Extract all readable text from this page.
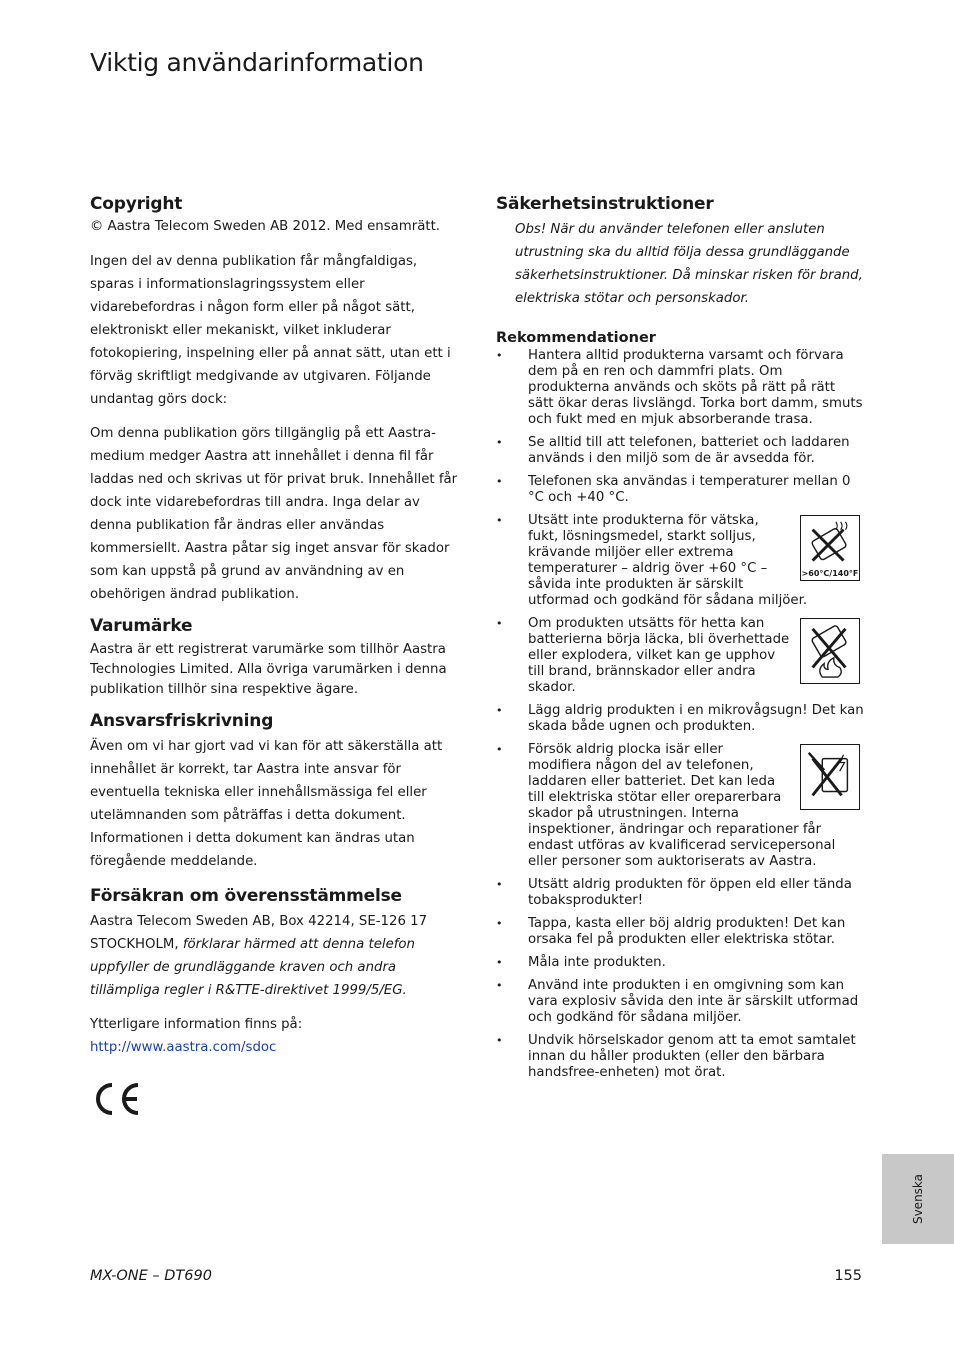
Viktig användarinformation
Copyright

© Aastra Telecom Sweden AB 2012. Med ensamrätt.

Ingen del av denna publikation får mångfaldigas, sparas i informationslagringssystem eller vidarebefordras i någon form eller på något sätt, elektroniskt eller mekaniskt, vilket inkluderar fotokopiering, inspelning eller på annat sätt, utan ett i förväg skriftligt medgivande av utgivaren. Följande undantag görs dock:

Om denna publikation görs tillgänglig på ett Aastra-medium medger Aastra att innehållet i denna fil får laddas ned och skrivas ut för privat bruk. Innehållet får dock inte vidarebefordras till andra. Inga delar av denna publikation får ändras eller användas kommersiellt. Aastra påtar sig inget ansvar för skador som kan uppstå på grund av användning av en obehörigen ändrad publikation.

Varumärke

Aastra är ett registrerat varumärke som tillhör Aastra Technologies Limited. Alla övriga varumärken i denna publikation tillhör sina respektive ägare.

Ansvarsfriskrivning

Även om vi har gjort vad vi kan för att säkerställa att innehållet är korrekt, tar Aastra inte ansvar för eventuella tekniska eller innehållsmässiga fel eller utelämnanden som påträffas i detta dokument. Informationen i detta dokument kan ändras utan föregående meddelande.

Försäkran om överensstämmelse

Aastra Telecom Sweden AB, Box 42214, SE-126 17 STOCKHOLM, förklarar härmed att denna telefon uppfyller de grundläggande kraven och andra tillämpliga regler i R&TTE-direktivet 1999/5/EG.

Ytterligare information finns på:

http://www.aastra.com/sdoc
Säkerhetsinstruktioner

Obs! När du använder telefonen eller ansluten utrustning ska du alltid följa dessa grundläggande säkerhetsinstruktioner. Då minskar risken för brand, elektriska stötar och personskador.

Rekommendationer
• Hantera alltid produkterna varsamt och förvara dem på en ren och dammfri plats. Om produkterna används och sköts på rätt på rätt sätt ökar deras livslängd. Torka bort damm, smuts och fukt med en mjuk absorberande trasa.
• Se alltid till att telefonen, batteriet och laddaren används i den miljö som de är avsedda för.
• Telefonen ska användas i temperaturer mellan 0 °C och +40 °C.
•
>60°C/140°F
Utsätt inte produkterna för vätska, fukt, lösningsmedel, starkt solljus, krävande miljöer eller extrema temperaturer – aldrig över +60 °C – såvida inte produkten är särskilt utformad och godkänd för sådana miljöer.
• Om produkten utsätts för hetta kan batterierna börja läcka, bli överhettade eller explodera, vilket kan ge upphov till brand, brännskador eller andra skador.
• Lägg aldrig produkten i en mikrovågsugn! Det kan skada både ugnen och produkten.
• Försök aldrig plocka isär eller modifiera någon del av telefonen, laddaren eller batteriet. Det kan leda till elektriska stötar eller oreparerbara skador på utrustningen. Interna inspektioner, ändringar och reparationer får endast utföras av kvalificerad servicepersonal eller personer som auktoriserats av Aastra.
• Utsätt aldrig produkten för öppen eld eller tända tobaksprodukter!
• Tappa, kasta eller böj aldrig produkten! Det kan orsaka fel på produkten eller elektriska stötar.
• Måla inte produkten.
• Använd inte produkten i en omgivning som kan vara explosiv såvida den inte är särskilt utformad och godkänd för sådana miljöer.
• Undvik hörselskador genom att ta emot samtalet innan du håller produkten (eller den bärbara handsfree-enheten) mot örat.
Svenska
MX-ONE – DT690	155
